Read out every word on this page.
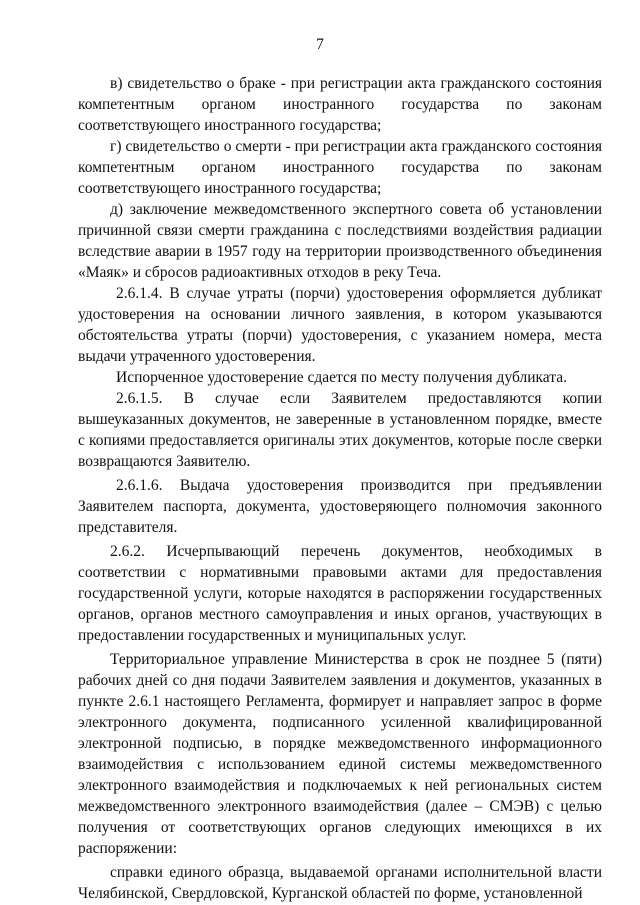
7

в) свидетельство о браке - при регистрации акта гражданского состояния компетентным органом иностранного государства по законам соответствующего иностранного государства;

г) свидетельство о смерти - при регистрации акта гражданского состояния компетентным органом иностранного государства по законам соответствующего иностранного государства;

д) заключение межведомственного экспертного совета об установлении причинной связи смерти гражданина с последствиями воздействия радиации вследствие аварии в 1957 году на территории производственного объединения «Маяк» и сбросов радиоактивных отходов в реку Теча.

2.6.1.4. В случае утраты (порчи) удостоверения оформляется дубликат удостоверения на основании личного заявления, в котором указываются обстоятельства утраты (порчи) удостоверения, с указанием номера, места выдачи утраченного удостоверения.

Испорченное удостоверение сдается по месту получения дубликата.

2.6.1.5. В случае если Заявителем предоставляются копии вышеуказанных документов, не заверенные в установленном порядке, вместе с копиями предоставляется оригиналы этих документов, которые после сверки возвращаются Заявителю.

2.6.1.6. Выдача удостоверения производится при предъявлении Заявителем паспорта, документа, удостоверяющего полномочия законного представителя.

2.6.2. Исчерпывающий перечень документов, необходимых в соответствии с нормативными правовыми актами для предоставления государственной услуги, которые находятся в распоряжении государственных органов, органов местного самоуправления и иных органов, участвующих в предоставлении государственных и муниципальных услуг.

Территориальное управление Министерства в срок не позднее 5 (пяти) рабочих дней со дня подачи Заявителем заявления и документов, указанных в пункте 2.6.1 настоящего Регламента, формирует и направляет запрос в форме электронного документа, подписанного усиленной квалифицированной электронной подписью, в порядке межведомственного информационного взаимодействия с использованием единой системы межведомственного электронного взаимодействия и подключаемых к ней региональных систем межведомственного электронного взаимодействия (далее – СМЭВ) с целью получения от соответствующих органов следующих имеющихся в их распоряжении:

справки единого образца, выдаваемой органами исполнительной власти Челябинской, Свердловской, Курганской областей по форме, установленной
